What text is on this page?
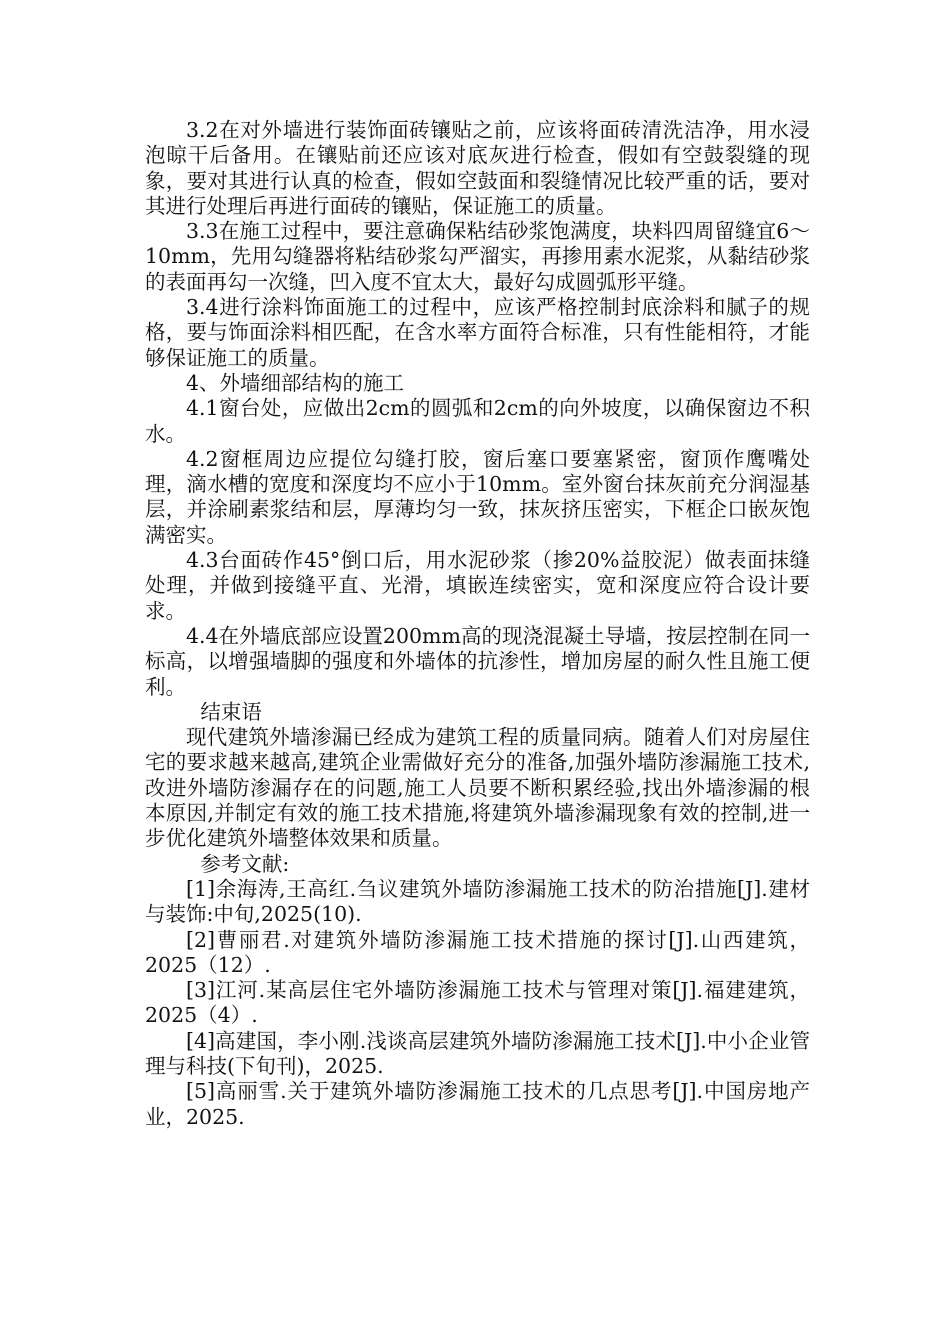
3.2在对外墙进行装饰面砖镶贴之前，应该将面砖清洗洁净，用水浸泡晾干后备用。在镶贴前还应该对底灰进行检查，假如有空鼓裂缝的现象，要对其进行认真的检查，假如空鼓面和裂缝情况比较严重的话，要对其进行处理后再进行面砖的镶贴，保证施工的质量。

3.3在施工过程中，要注意确保粘结砂浆饱满度，块料四周留缝宜6～10mm，先用勾缝器将粘结砂浆勾严溜实，再掺用素水泥浆，从黏结砂浆的表面再勾一次缝，凹入度不宜太大，最好勾成圆弧形平缝。

3.4进行涂料饰面施工的过程中，应该严格控制封底涂料和腻子的规格，要与饰面涂料相匹配，在含水率方面符合标准，只有性能相符，才能够保证施工的质量。

4、外墙细部结构的施工

4.1窗台处，应做出2cm的圆弧和2cm的向外坡度，以确保窗边不积水。

4.2窗框周边应提位勾缝打胶，窗后塞口要塞紧密，窗顶作鹰嘴处理，滴水槽的宽度和深度均不应小于10mm。室外窗台抹灰前充分润湿基层，并涂刷素浆结和层，厚薄均匀一致，抹灰挤压密实，下框企口嵌灰饱满密实。

4.3台面砖作45°倒口后，用水泥砂浆（掺20%益胶泥）做表面抹缝处理，并做到接缝平直、光滑，填嵌连续密实，宽和深度应符合设计要求。

4.4在外墙底部应设置200mm高的现浇混凝土导墙，按层控制在同一标高，以增强墙脚的强度和外墙体的抗渗性，增加房屋的耐久性且施工便利。

结束语

现代建筑外墙渗漏已经成为建筑工程的质量同病。随着人们对房屋住宅的要求越来越高,建筑企业需做好充分的准备,加强外墙防渗漏施工技术,改进外墙防渗漏存在的问题,施工人员要不断积累经验,找出外墙渗漏的根本原因,并制定有效的施工技术措施,将建筑外墙渗漏现象有效的控制,进一步优化建筑外墙整体效果和质量。

参考文献:

[1]余海涛,王高红.刍议建筑外墙防渗漏施工技术的防治措施[J].建材与装饰:中旬,2025(10).

[2]曹丽君.对建筑外墙防渗漏施工技术措施的探讨[J].山西建筑，2025（12）.

[3]江河.某高层住宅外墙防渗漏施工技术与管理对策[J].福建建筑，2025（4）.

[4]高建国，李小刚.浅谈高层建筑外墙防渗漏施工技术[J].中小企业管理与科技(下旬刊)，2025.

[5]高丽雪.关于建筑外墙防渗漏施工技术的几点思考[J].中国房地产业，2025.
